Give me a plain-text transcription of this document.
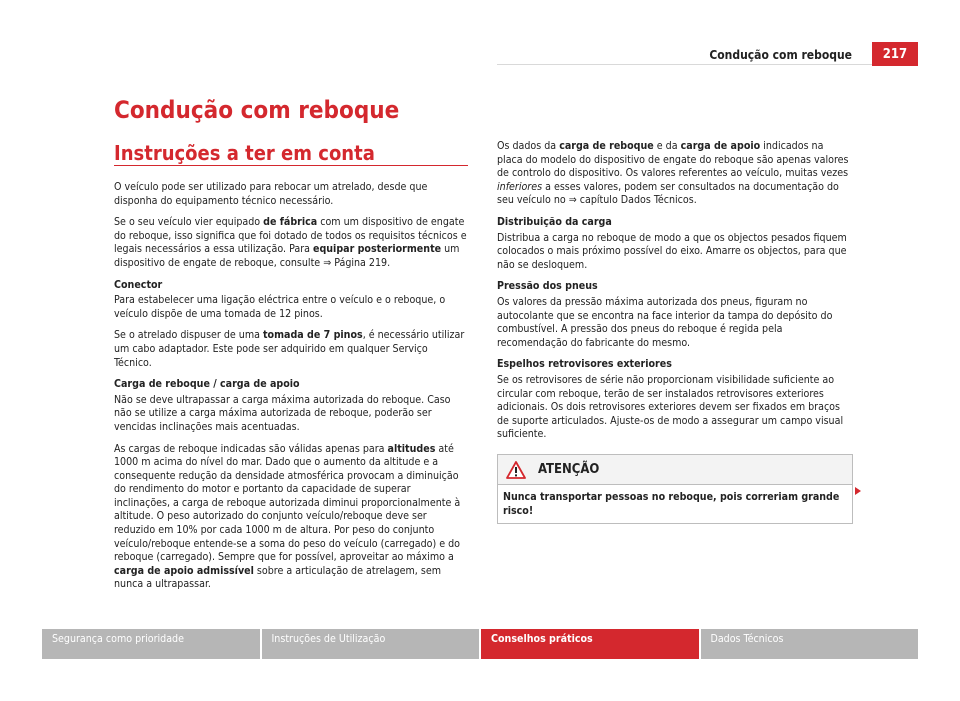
Condução com reboque	217
Condução com reboque
Instruções a ter em conta

O veículo pode ser utilizado para rebocar um atrelado, desde que disponha do equipamento técnico necessário.

Se o seu veículo vier equipado de fábrica com um dispositivo de engate do reboque, isso significa que foi dotado de todos os requisitos técnicos e legais necessários a essa utilização. Para equipar posteriormente um dispositivo de engate de reboque, consulte ⇒ Página 219.

Conector

Para estabelecer uma ligação eléctrica entre o veículo e o reboque, o veículo dispõe de uma tomada de 12 pinos.

Se o atrelado dispuser de uma tomada de 7 pinos, é necessário utilizar um cabo adaptador. Este pode ser adquirido em qualquer Serviço Técnico.

Carga de reboque / carga de apoio

Não se deve ultrapassar a carga máxima autorizada do reboque. Caso não se utilize a carga máxima autorizada de reboque, poderão ser vencidas inclinações mais acentuadas.

As cargas de reboque indicadas são válidas apenas para altitudes até 1000 m acima do nível do mar. Dado que o aumento da altitude e a consequente redução da densidade atmosférica provocam a diminuição do rendimento do motor e portanto da capacidade de superar inclinações, a carga de reboque autorizada diminui proporcionalmente à altitude. O peso autorizado do conjunto veículo/reboque deve ser reduzido em 10% por cada 1000 m de altura. Por peso do conjunto veículo/reboque entende-se a soma do peso do veículo (carregado) e do reboque (carregado). Sempre que for possível, aproveitar ao máximo a carga de apoio admissível sobre a articulação de atrelagem, sem nunca a ultrapassar.

Os dados da carga de reboque e da carga de apoio indicados na placa do modelo do dispositivo de engate do reboque são apenas valores de controlo do dispositivo. Os valores referentes ao veículo, muitas vezes inferiores a esses valores, podem ser consultados na documentação do seu veículo no ⇒ capítulo Dados Técnicos.

Distribuição da carga

Distribua a carga no reboque de modo a que os objectos pesados fiquem colocados o mais próximo possível do eixo. Amarre os objectos, para que não se desloquem.

Pressão dos pneus

Os valores da pressão máxima autorizada dos pneus, figuram no autocolante que se encontra na face interior da tampa do depósito do combustível. A pressão dos pneus do reboque é regida pela recomendação do fabricante do mesmo.

Espelhos retrovisores exteriores

Se os retrovisores de série não proporcionam visibilidade suficiente ao circular com reboque, terão de ser instalados retrovisores exteriores adicionais. Os dois retrovisores exteriores devem ser fixados em braços de suporte articulados. Ajuste-os de modo a assegurar um campo visual suficiente.

ATENÇÃO
Nunca transportar pessoas no reboque, pois correriam grande risco!
Segurança como prioridade	Instruções de Utilização	Conselhos práticos	Dados Técnicos
